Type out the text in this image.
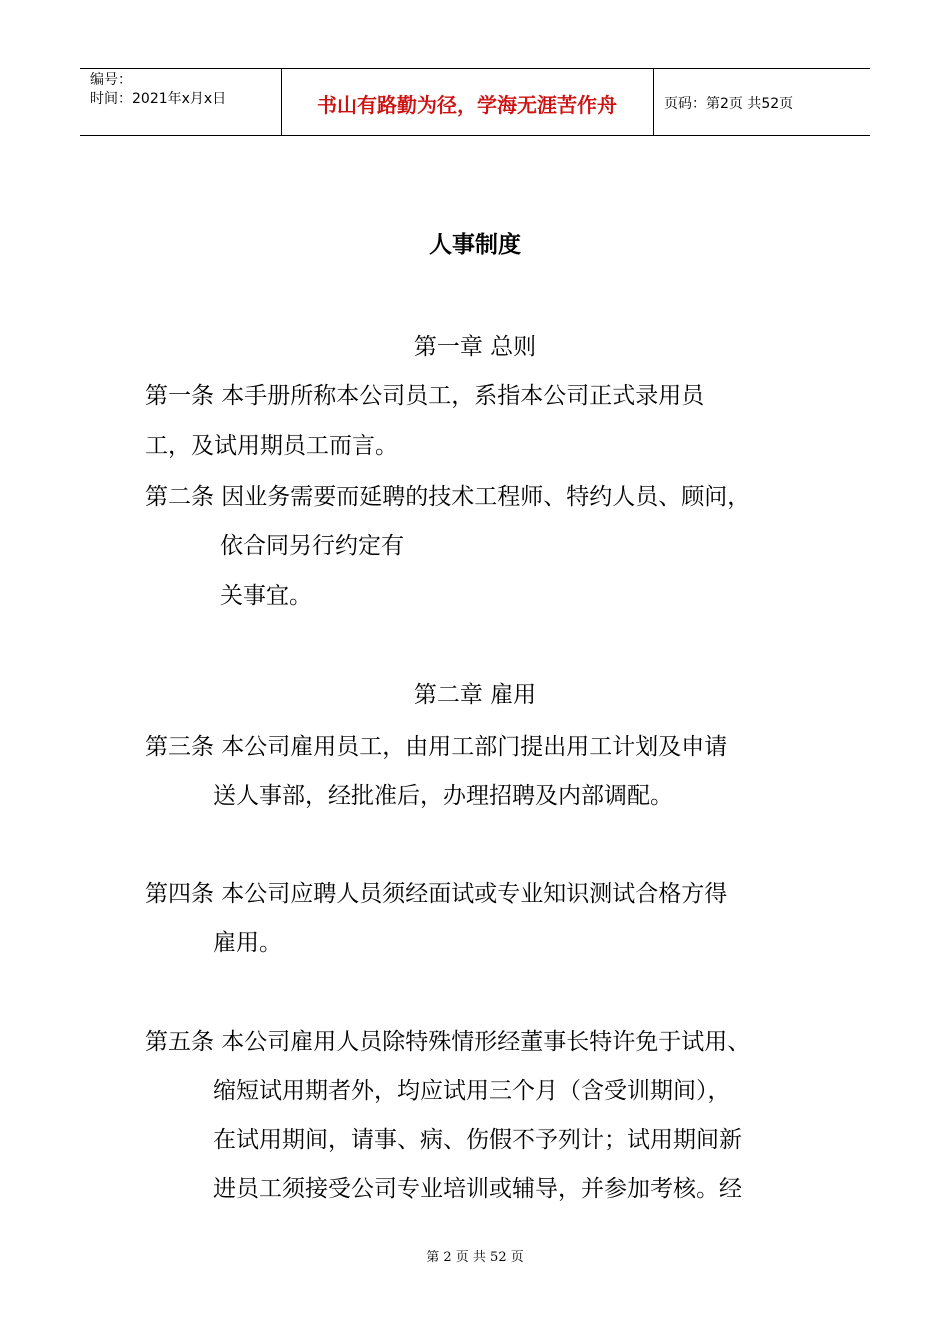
编号：
时间：2021年x月x日	书山有路勤为径，学海无涯苦作舟	页码：第2页 共52页
人事制度
第一章 总则
第一条 本手册所称本公司员工，系指本公司正式录用员
工，及试用期员工而言。
第二条 因业务需要而延聘的技术工程师、特约人员、顾问，
依合同另行约定有
关事宜。
第二章 雇用
第三条 本公司雇用员工，由用工部门提出用工计划及申请
送人事部，经批准后，办理招聘及内部调配。
第四条 本公司应聘人员须经面试或专业知识测试合格方得
雇用。
第五条 本公司雇用人员除特殊情形经董事长特许免于试用、
缩短试用期者外，均应试用三个月（含受训期间），
在试用期间，请事、病、伤假不予列计；试用期间新
进员工须接受公司专业培训或辅导，并参加考核。经
第 2 页 共 52 页
